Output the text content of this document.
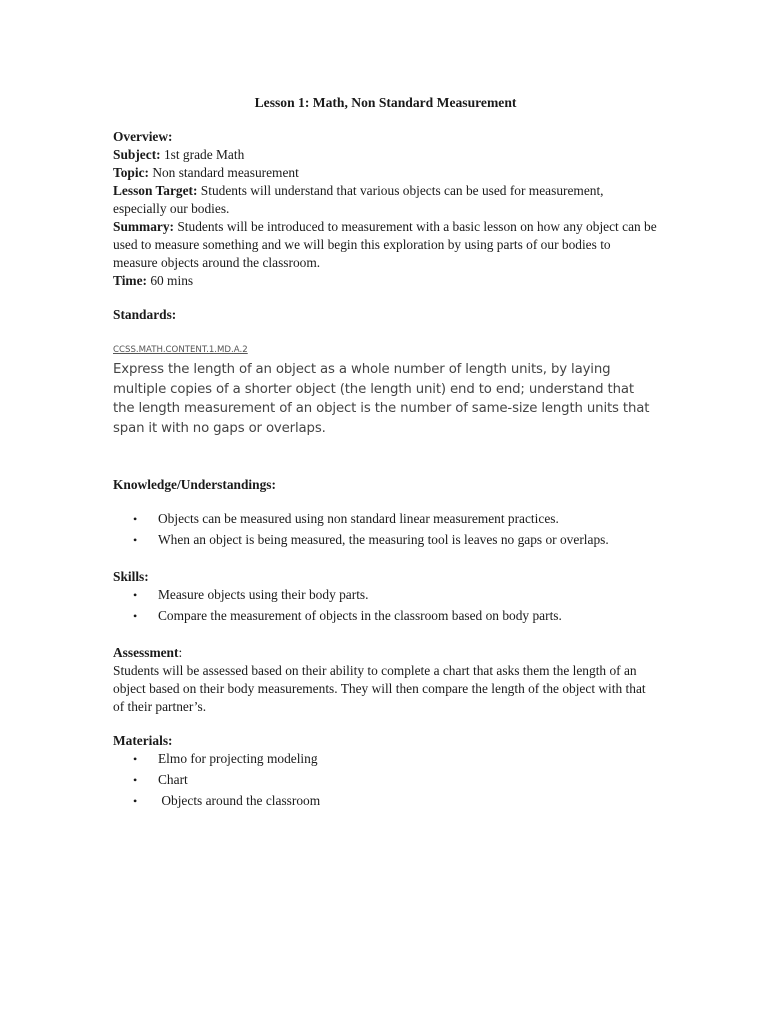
Lesson 1: Math, Non Standard Measurement

Overview:

Subject: 1st grade Math

Topic: Non standard measurement

Lesson Target: Students will understand that various objects can be used for measurement, especially our bodies.

Summary: Students will be introduced to measurement with a basic lesson on how any object can be used to measure something and we will begin this exploration by using parts of our bodies to measure objects around the classroom.

Time: 60 mins

Standards:

CCSS.MATH.CONTENT.1.MD.A.2

Express the length of an object as a whole number of length units, by laying multiple copies of a shorter object (the length unit) end to end; understand that the length measurement of an object is the number of same-size length units that span it with no gaps or overlaps.

Knowledge/Understandings:

• Objects can be measured using non standard linear measurement practices.
• When an object is being measured, the measuring tool is leaves no gaps or overlaps.

Skills:

• Measure objects using their body parts.
• Compare the measurement of objects in the classroom based on body parts.

Assessment:

Students will be assessed based on their ability to complete a chart that asks them the length of an object based on their body measurements. They will then compare the length of the object with that of their partner’s.

Materials:

• Elmo for projecting modeling
• Chart
• Objects around the classroom
